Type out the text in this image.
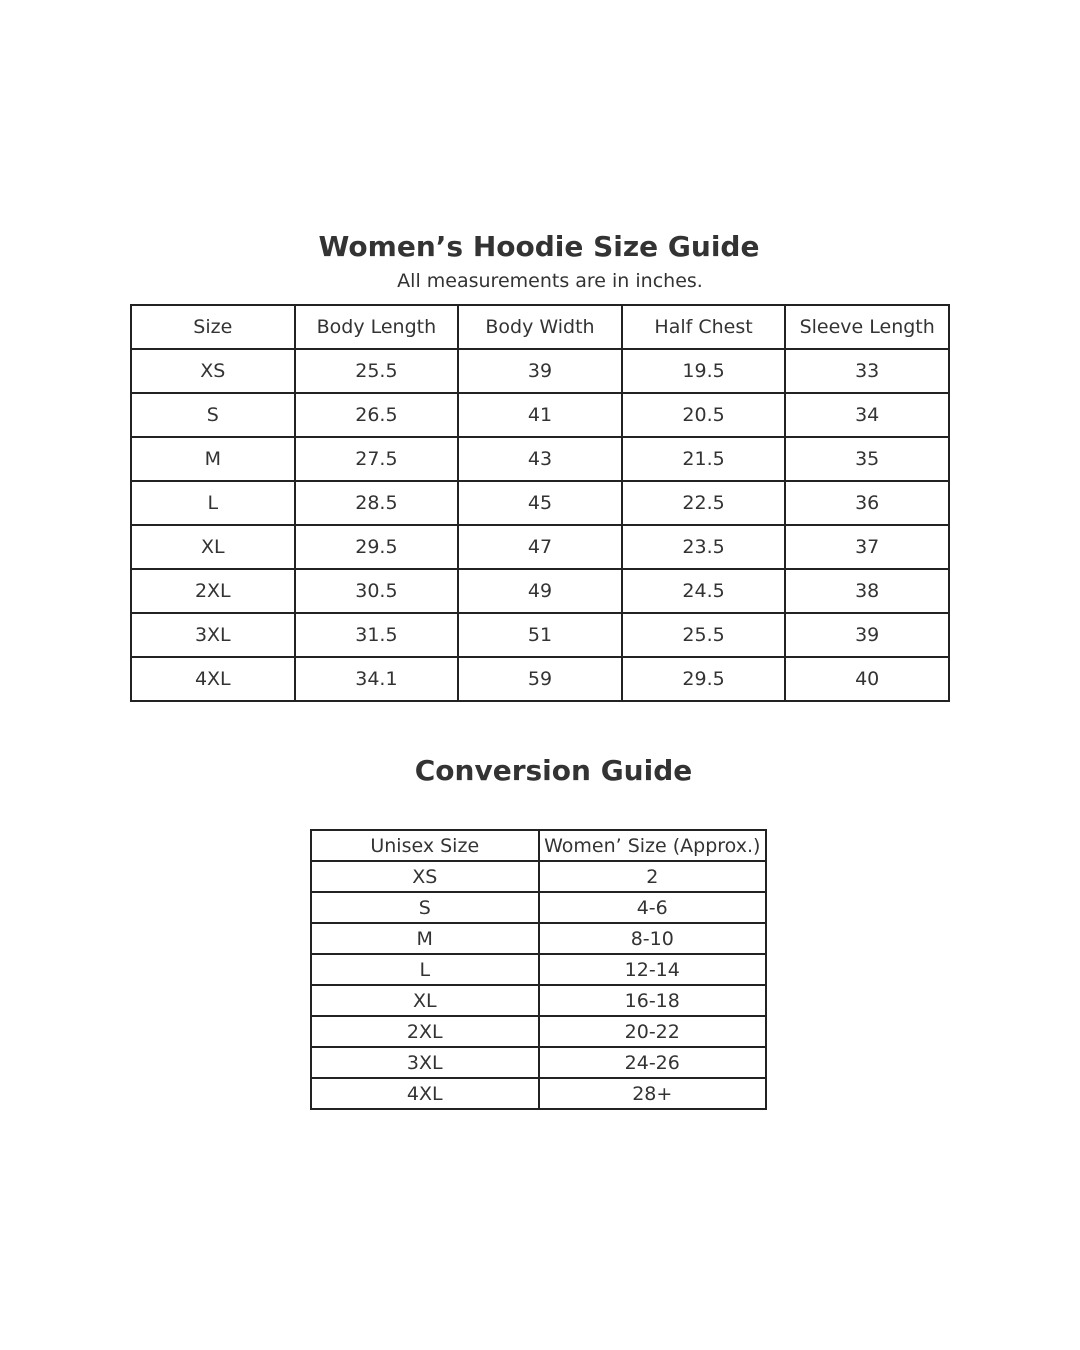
Women’s Hoodie Size Guide
All measurements are in inches.
Size	Body Length	Body Width	Half Chest	Sleeve Length
XS	25.5	39	19.5	33
S	26.5	41	20.5	34
M	27.5	43	21.5	35
L	28.5	45	22.5	36
XL	29.5	47	23.5	37
2XL	30.5	49	24.5	38
3XL	31.5	51	25.5	39
4XL	34.1	59	29.5	40
Conversion Guide
Unisex Size	Women’ Size (Approx.)
XS	2
S	4-6
M	8-10
L	12-14
XL	16-18
2XL	20-22
3XL	24-26
4XL	28+
